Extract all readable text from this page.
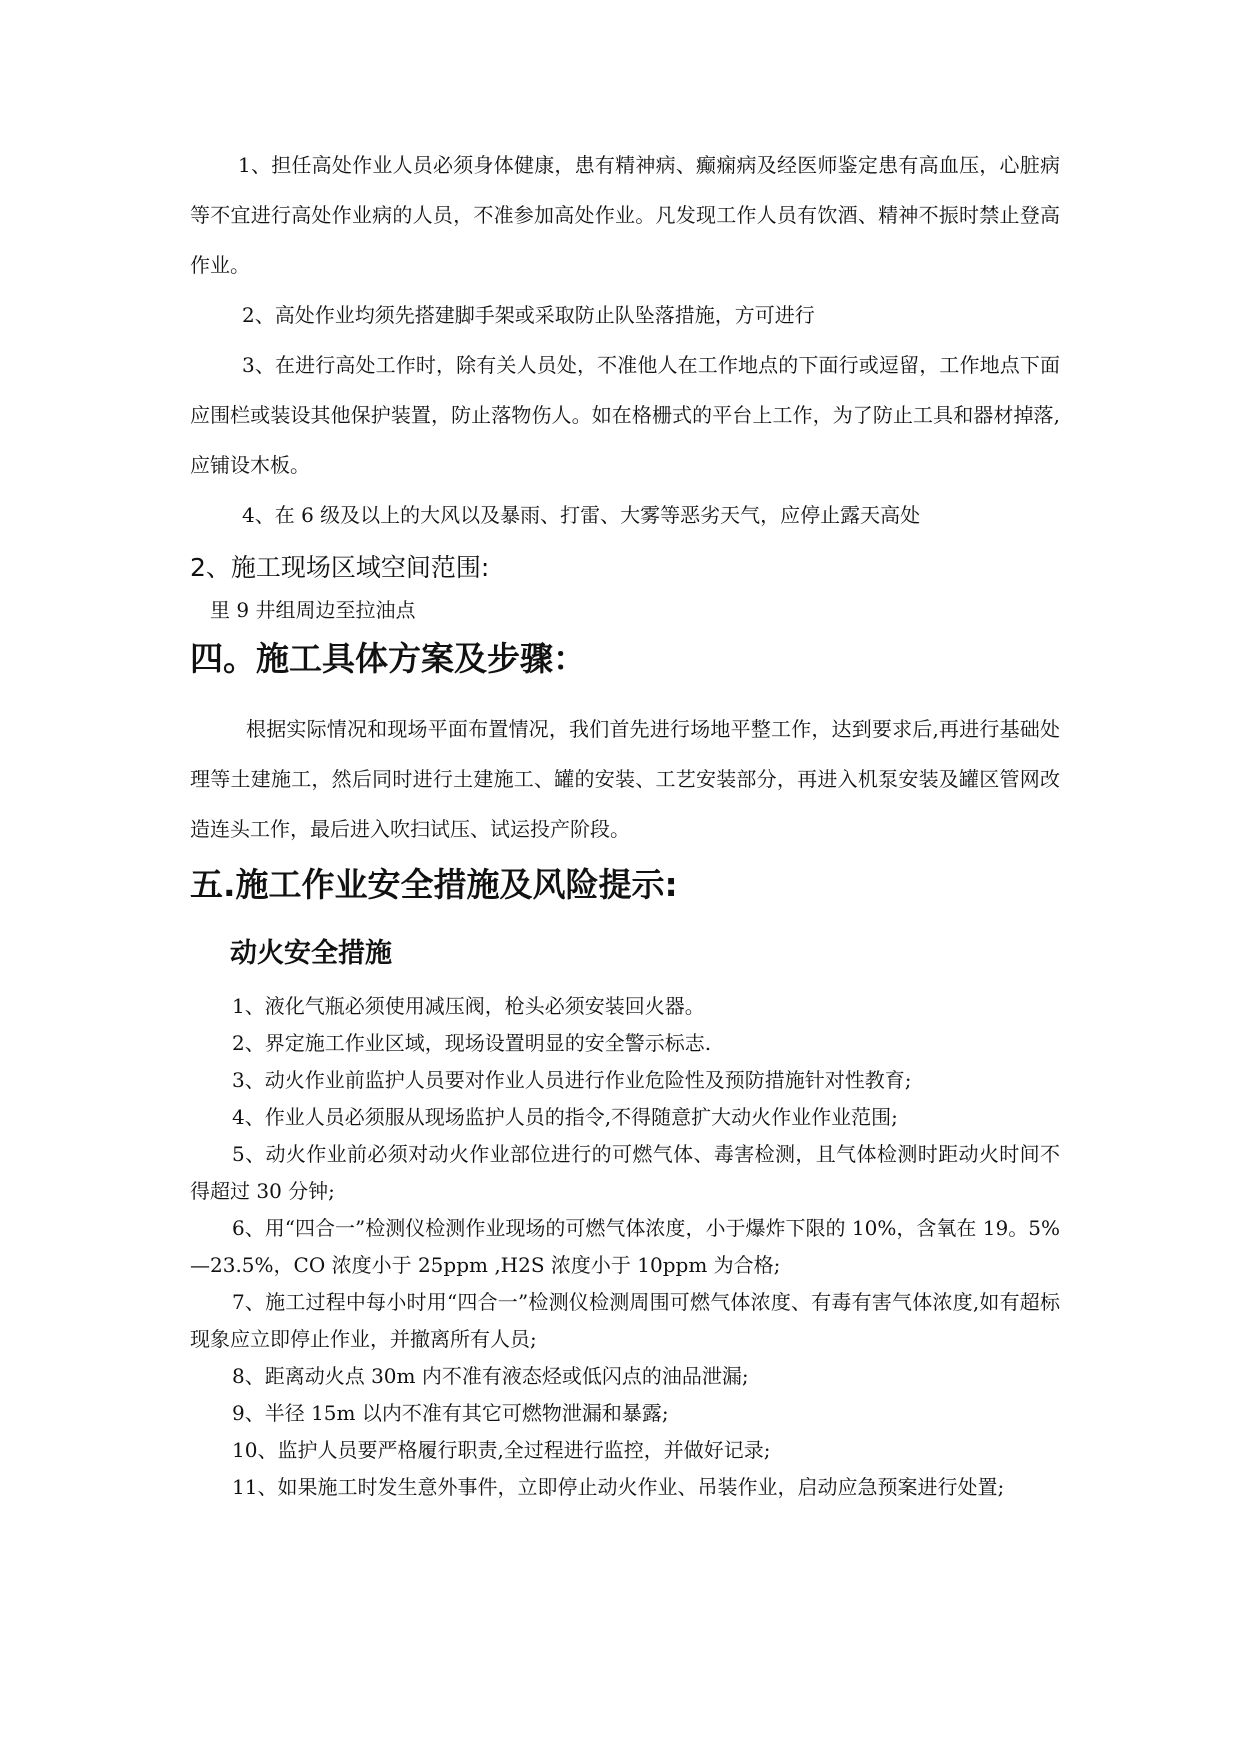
1、担任高处作业人员必须身体健康，患有精神病、癫痫病及经医师鉴定患有高血压，心脏病等不宜进行高处作业病的人员，不准参加高处作业。凡发现工作人员有饮酒、精神不振时禁止登高作业。

2、高处作业均须先搭建脚手架或采取防止队坠落措施，方可进行

3、在进行高处工作时，除有关人员处，不准他人在工作地点的下面行或逗留，工作地点下面应围栏或装设其他保护装置，防止落物伤人。如在格栅式的平台上工作，为了防止工具和器材掉落,应铺设木板。

4、在 6 级及以上的大风以及暴雨、打雷、大雾等恶劣天气，应停止露天高处

2、施工现场区域空间范围:
里 9 井组周边至拉油点
四。施工具体方案及步骤：

根据实际情况和现场平面布置情况，我们首先进行场地平整工作，达到要求后,再进行基础处理等土建施工，然后同时进行土建施工、罐的安装、工艺安装部分，再进入机泵安装及罐区管网改造连头工作，最后进入吹扫试压、试运投产阶段。

五.施工作业安全措施及风险提示:
动火安全措施
1、液化气瓶必须使用减压阀，枪头必须安装回火器。
2、界定施工作业区域，现场设置明显的安全警示标志.
3、动火作业前监护人员要对作业人员进行作业危险性及预防措施针对性教育;
4、作业人员必须服从现场监护人员的指令,不得随意扩大动火作业作业范围;
5、动火作业前必须对动火作业部位进行的可燃气体、毒害检测，且气体检测时距动火时间不得超过 30 分钟;
6、用“四合一”检测仪检测作业现场的可燃气体浓度，小于爆炸下限的 10%，含氧在 19。5%—23.5%，CO 浓度小于 25ppm ,H2S 浓度小于 10ppm 为合格;
7、施工过程中每小时用“四合一”检测仪检测周围可燃气体浓度、有毒有害气体浓度,如有超标现象应立即停止作业，并撤离所有人员;
8、距离动火点 30m 内不准有液态烃或低闪点的油品泄漏;
9、半径 15m 以内不准有其它可燃物泄漏和暴露;
10、监护人员要严格履行职责,全过程进行监控，并做好记录;
11、如果施工时发生意外事件，立即停止动火作业、吊装作业，启动应急预案进行处置;
